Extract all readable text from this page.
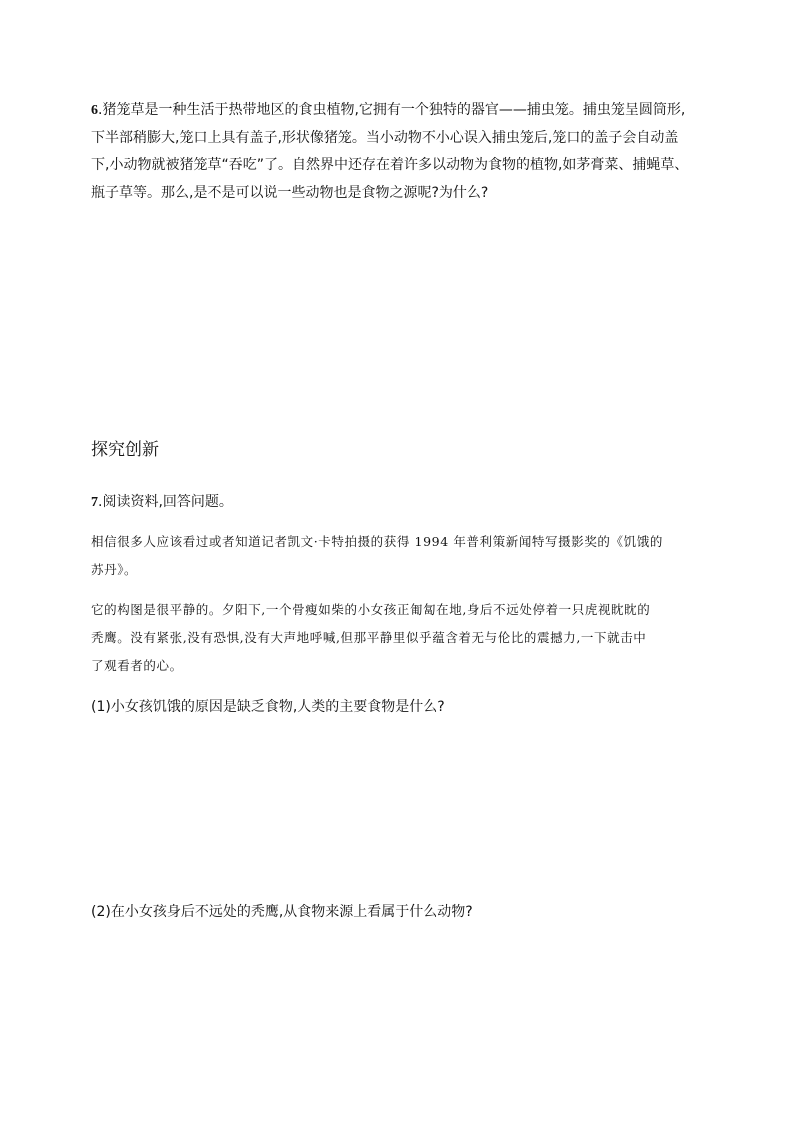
6.猪笼草是一种生活于热带地区的食虫植物,它拥有一个独特的器官——捕虫笼。捕虫笼呈圆筒形,
下半部稍膨大,笼口上具有盖子,形状像猪笼。当小动物不小心误入捕虫笼后,笼口的盖子会自动盖
下,小动物就被猪笼草“吞吃”了。自然界中还存在着许多以动物为食物的植物,如茅膏菜、捕蝇草、
瓶子草等。那么,是不是可以说一些动物也是食物之源呢?为什么?
探究创新
7.阅读资料,回答问题。
相信很多人应该看过或者知道记者凯文·卡特拍摄的获得 1994 年普利策新闻特写摄影奖的《饥饿的
苏丹》。
它的构图是很平静的。夕阳下,一个骨瘦如柴的小女孩正匍匐在地,身后不远处停着一只虎视眈眈的
秃鹰。没有紧张,没有恐惧,没有大声地呼喊,但那平静里似乎蕴含着无与伦比的震撼力,一下就击中
了观看者的心。
(1)小女孩饥饿的原因是缺乏食物,人类的主要食物是什么?
(2)在小女孩身后不远处的秃鹰,从食物来源上看属于什么动物?
